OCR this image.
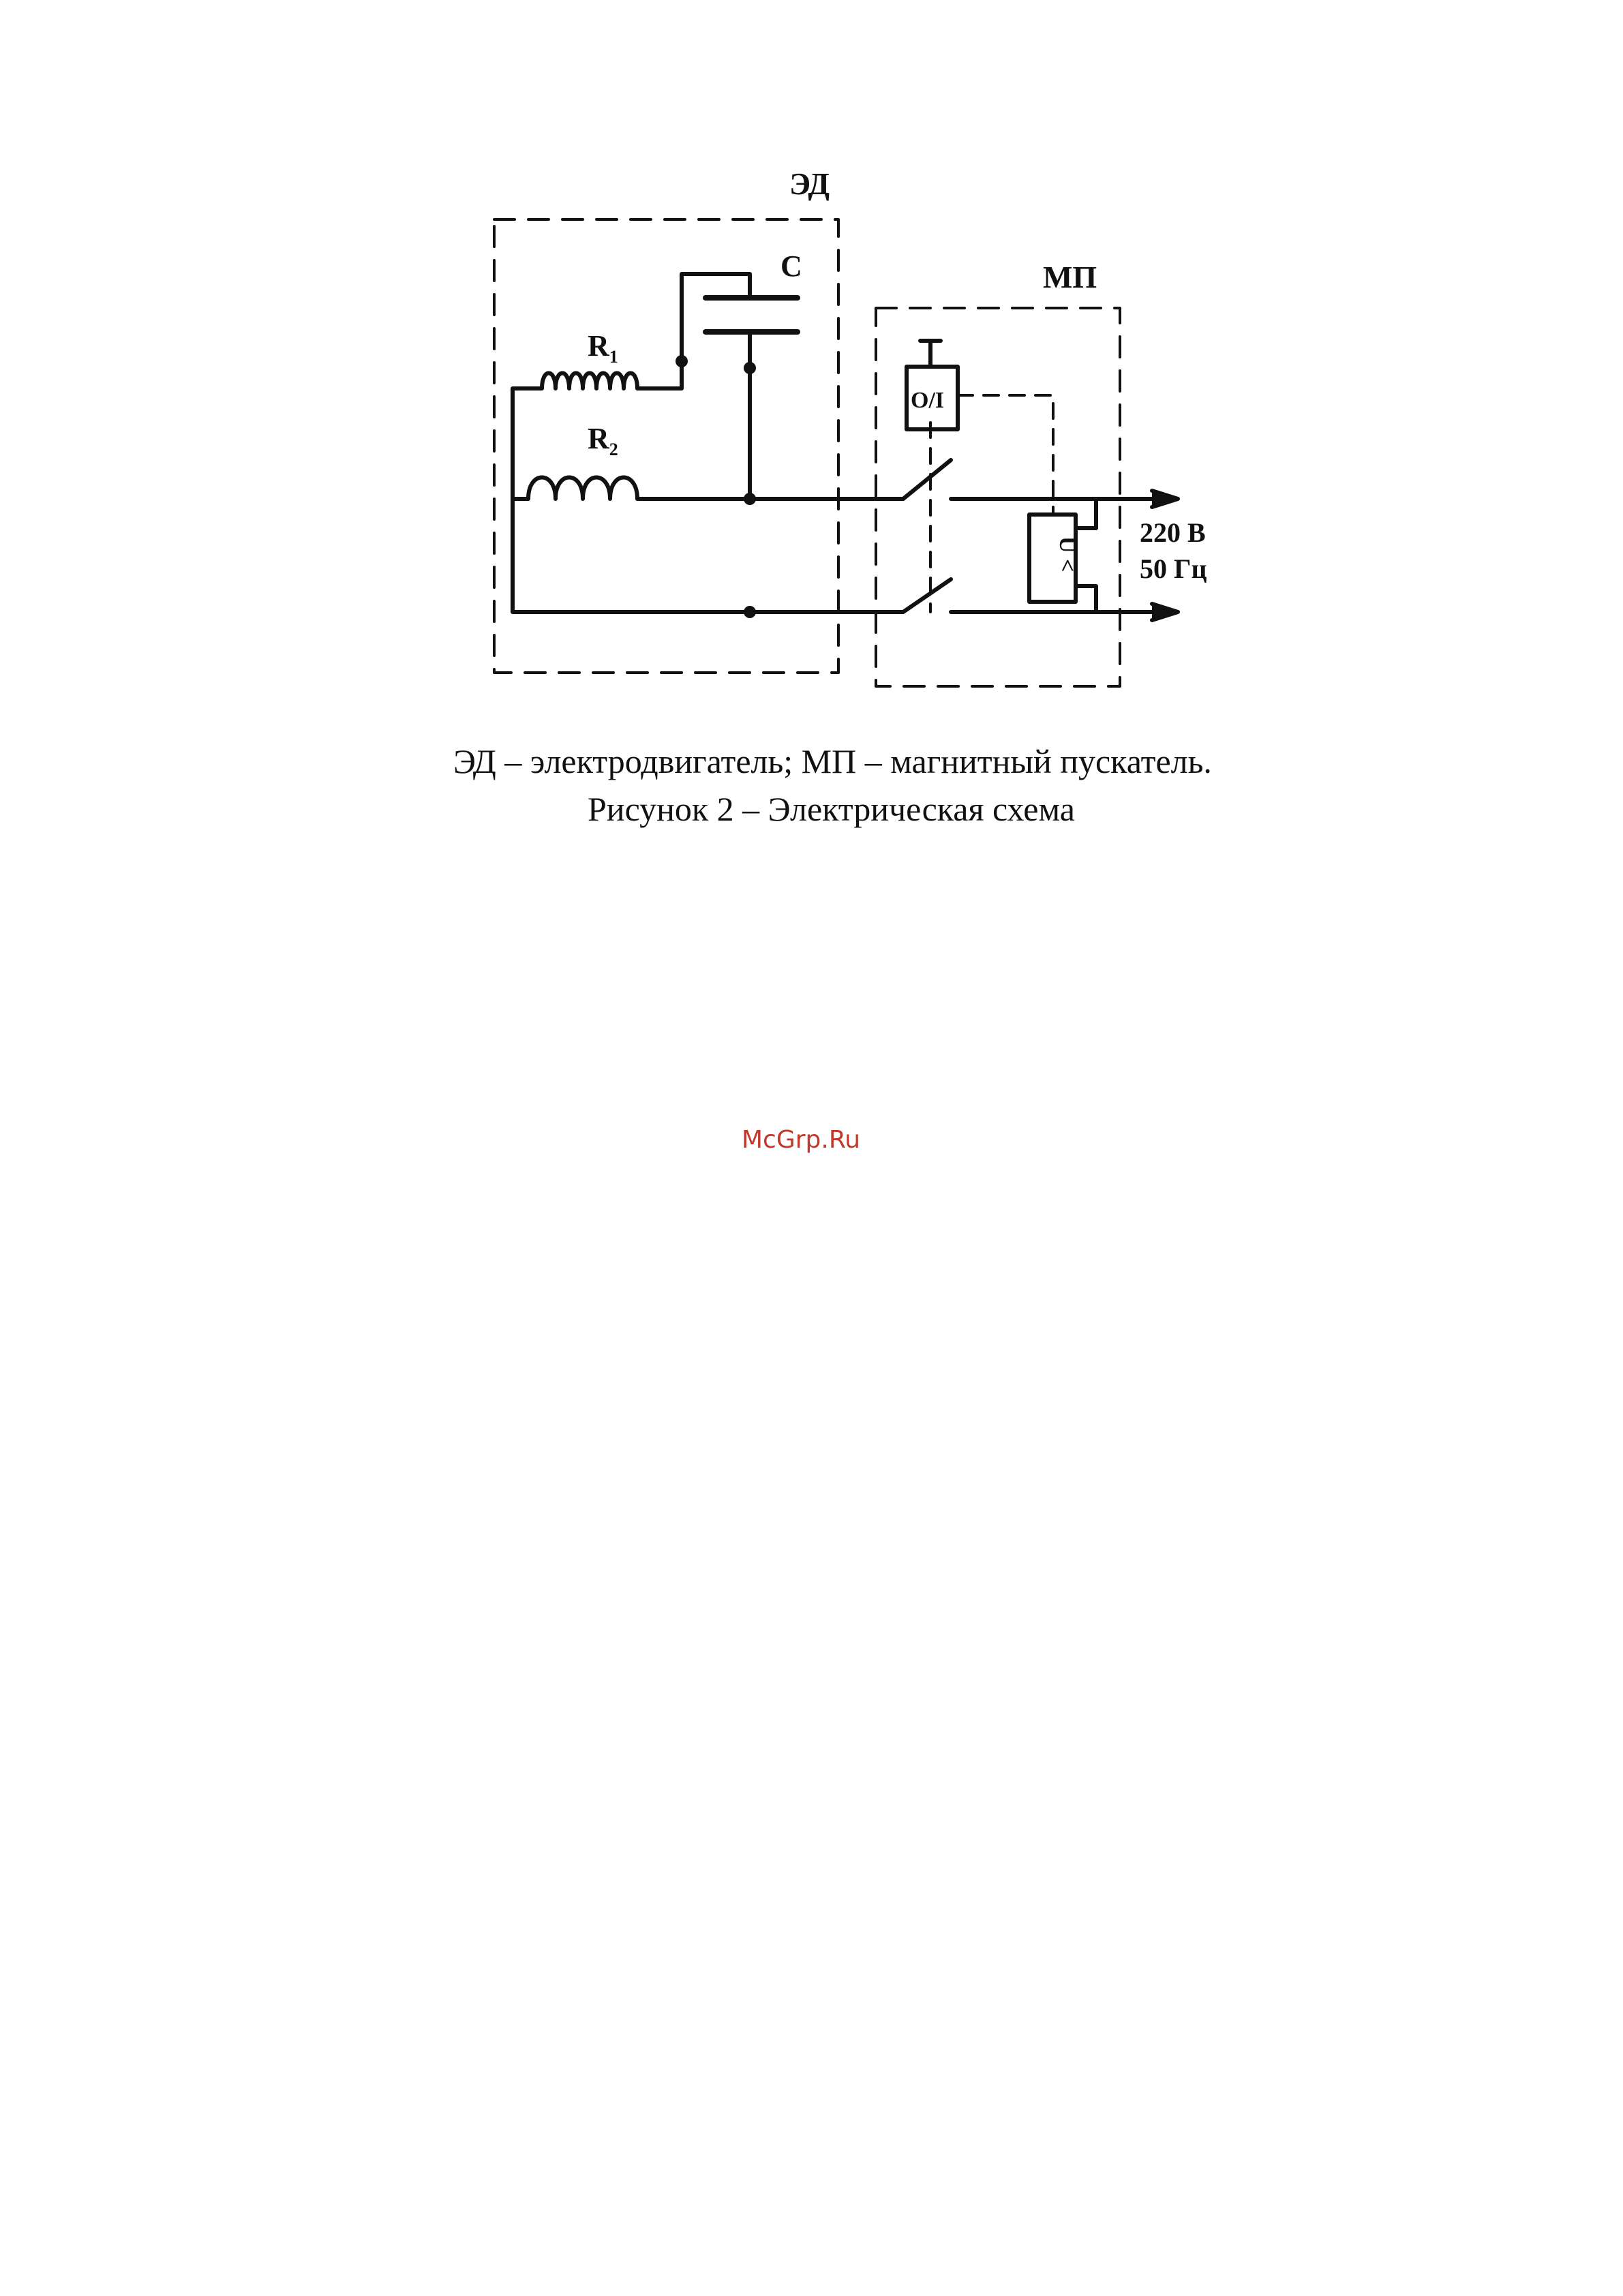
ЭД
МП
C
$R_1$
$R_2$
O/I
U <
220 В
50 Гц
ЭД – электродвигатель; МП – магнитный пускатель.
Рисунок 2 – Электрическая схема
McGrp.Ru
